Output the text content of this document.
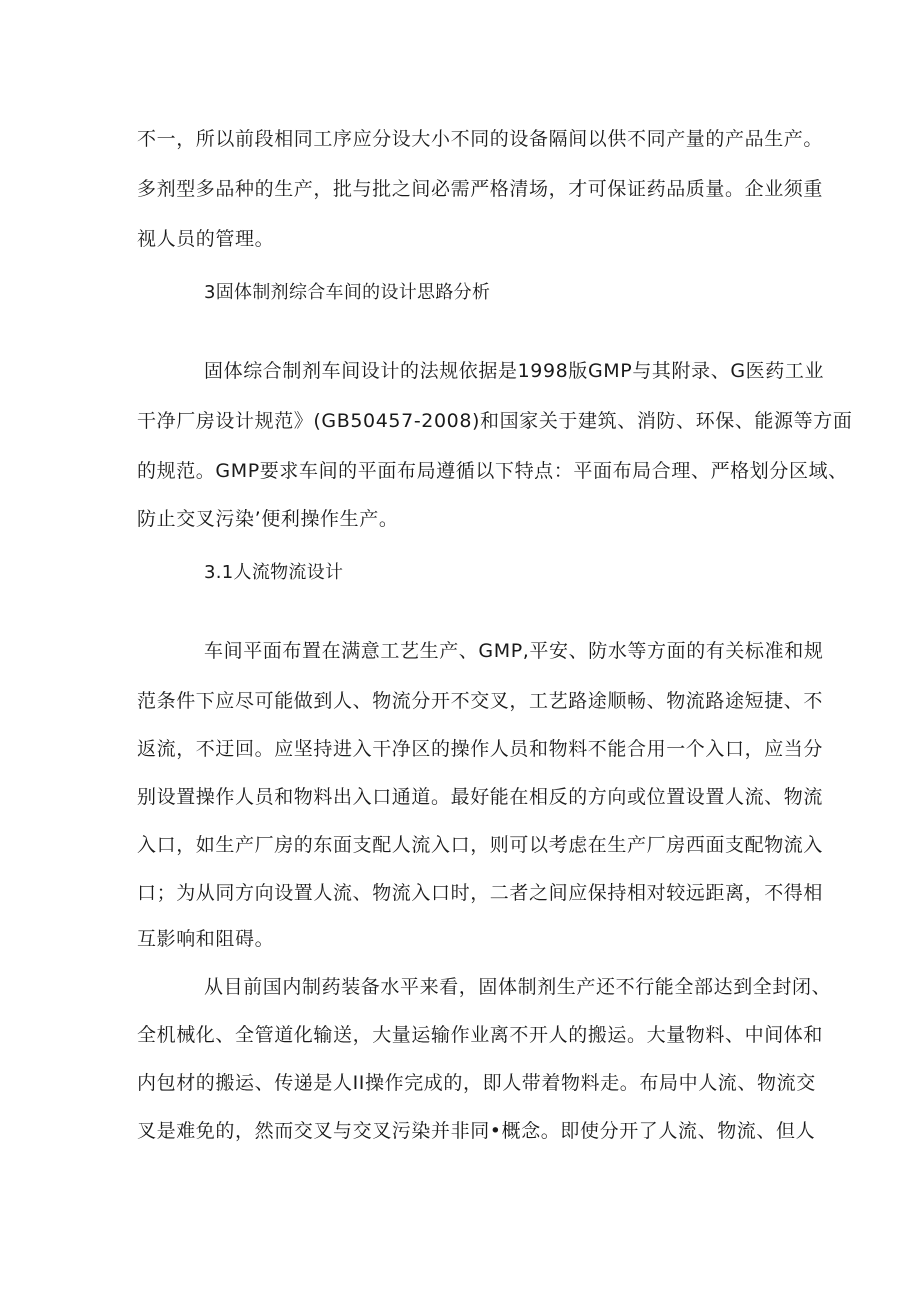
不一，所以前段相同工序应分设大小不同的设备隔间以供不同产量的产品生产。
多剂型多品种的生产，批与批之间必需严格清场，才可保证药品质量。企业须重
视人员的管理。
3固体制剂综合车间的设计思路分析
固体综合制剂车间设计的法规依据是1998版GMP与其附录、G医药工业
干净厂房设计规范》(GB50457-2008)和国家关于建筑、消防、环保、能源等方面
的规范。GMP要求车间的平面布局遵循以下特点：平面布局合理、严格划分区域、
防止交叉污染’便利操作生产。
3.1人流物流设计
车间平面布置在满意工艺生产、GMP,平安、防水等方面的有关标准和规
范条件下应尽可能做到人、物流分开不交叉，工艺路途顺畅、物流路途短捷、不
返流，不迂回。应坚持进入干净区的操作人员和物料不能合用一个入口，应当分
别设置操作人员和物料出入口通道。最好能在相反的方向或位置设置人流、物流
入口，如生产厂房的东面支配人流入口，则可以考虑在生产厂房西面支配物流入
口；为从同方向设置人流、物流入口时，二者之间应保持相对较远距离，不得相
互影响和阻碍。
从目前国内制药装备水平来看，固体制剂生产还不行能全部达到全封闭、
全机械化、全管道化输送，大量运输作业离不开人的搬运。大量物料、中间体和
内包材的搬运、传递是人II操作完成的，即人带着物料走。布局中人流、物流交
叉是难免的，然而交叉与交叉污染并非同•概念。即使分开了人流、物流、但人
